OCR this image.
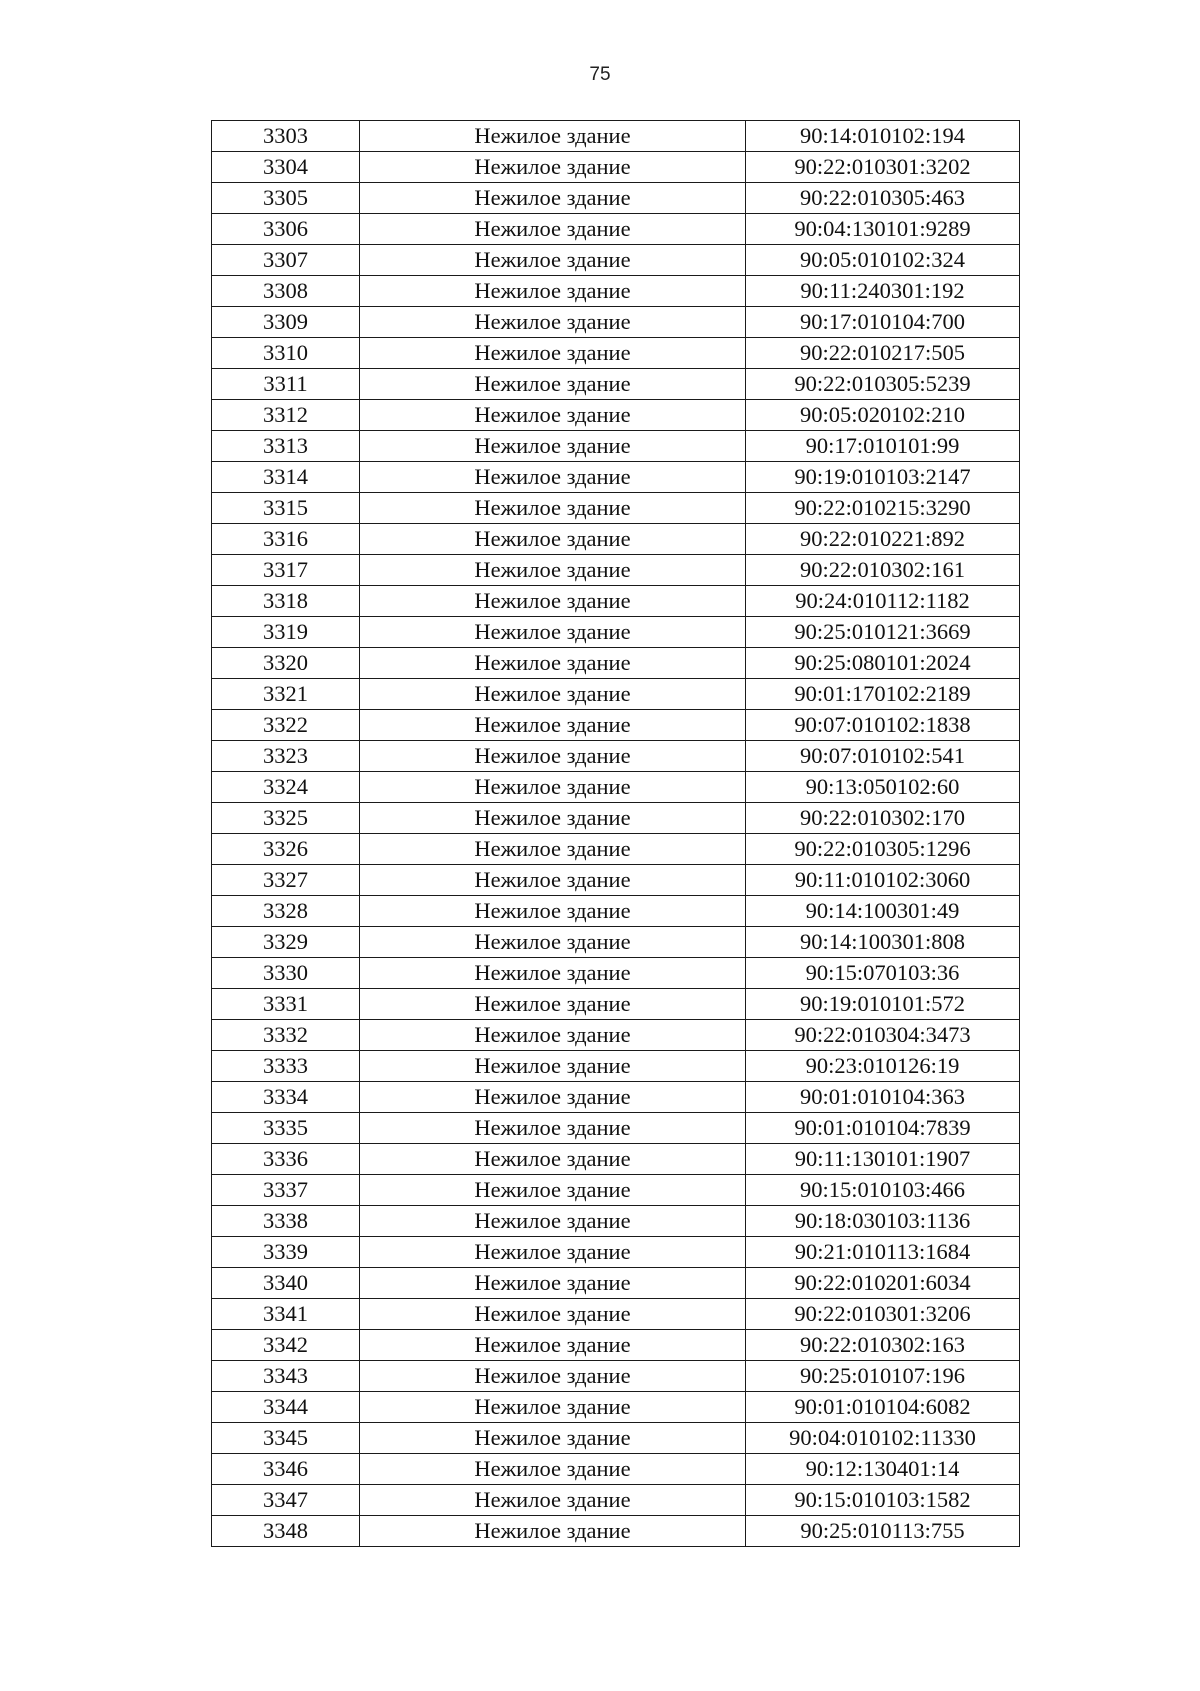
75
3303	Нежилое здание	90:14:010102:194
3304	Нежилое здание	90:22:010301:3202
3305	Нежилое здание	90:22:010305:463
3306	Нежилое здание	90:04:130101:9289
3307	Нежилое здание	90:05:010102:324
3308	Нежилое здание	90:11:240301:192
3309	Нежилое здание	90:17:010104:700
3310	Нежилое здание	90:22:010217:505
3311	Нежилое здание	90:22:010305:5239
3312	Нежилое здание	90:05:020102:210
3313	Нежилое здание	90:17:010101:99
3314	Нежилое здание	90:19:010103:2147
3315	Нежилое здание	90:22:010215:3290
3316	Нежилое здание	90:22:010221:892
3317	Нежилое здание	90:22:010302:161
3318	Нежилое здание	90:24:010112:1182
3319	Нежилое здание	90:25:010121:3669
3320	Нежилое здание	90:25:080101:2024
3321	Нежилое здание	90:01:170102:2189
3322	Нежилое здание	90:07:010102:1838
3323	Нежилое здание	90:07:010102:541
3324	Нежилое здание	90:13:050102:60
3325	Нежилое здание	90:22:010302:170
3326	Нежилое здание	90:22:010305:1296
3327	Нежилое здание	90:11:010102:3060
3328	Нежилое здание	90:14:100301:49
3329	Нежилое здание	90:14:100301:808
3330	Нежилое здание	90:15:070103:36
3331	Нежилое здание	90:19:010101:572
3332	Нежилое здание	90:22:010304:3473
3333	Нежилое здание	90:23:010126:19
3334	Нежилое здание	90:01:010104:363
3335	Нежилое здание	90:01:010104:7839
3336	Нежилое здание	90:11:130101:1907
3337	Нежилое здание	90:15:010103:466
3338	Нежилое здание	90:18:030103:1136
3339	Нежилое здание	90:21:010113:1684
3340	Нежилое здание	90:22:010201:6034
3341	Нежилое здание	90:22:010301:3206
3342	Нежилое здание	90:22:010302:163
3343	Нежилое здание	90:25:010107:196
3344	Нежилое здание	90:01:010104:6082
3345	Нежилое здание	90:04:010102:11330
3346	Нежилое здание	90:12:130401:14
3347	Нежилое здание	90:15:010103:1582
3348	Нежилое здание	90:25:010113:755
